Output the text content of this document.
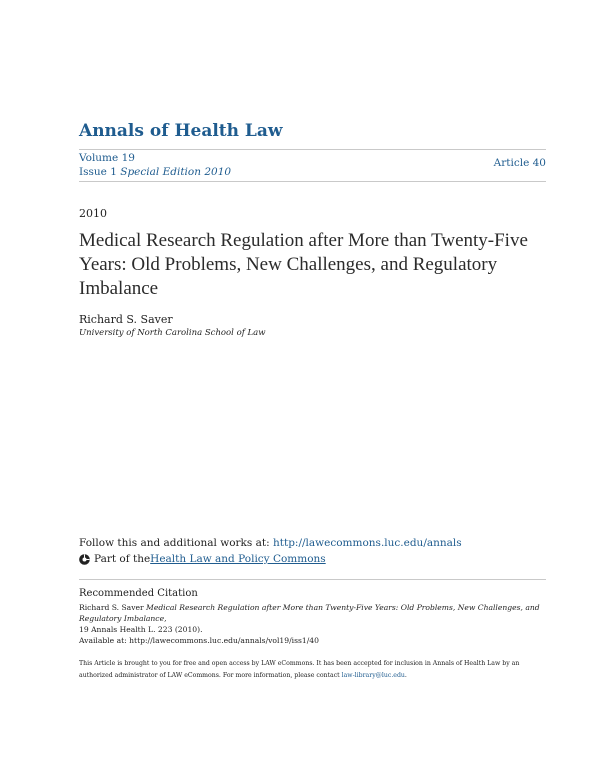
Annals of Health Law
Volume 19
Issue 1 Special Edition 2010
Article 40
2010
Medical Research Regulation after More than Twenty-Five Years: Old Problems, New Challenges, and Regulatory Imbalance
Richard S. Saver
University of North Carolina School of Law
Follow this and additional works at: http://lawecommons.luc.edu/annals
Part of the Health Law and Policy Commons
Recommended Citation
Richard S. Saver Medical Research Regulation after More than Twenty-Five Years: Old Problems, New Challenges, and Regulatory Imbalance,
19 Annals Health L. 223 (2010).
Available at: http://lawecommons.luc.edu/annals/vol19/iss1/40
This Article is brought to you for free and open access by LAW eCommons. It has been accepted for inclusion in Annals of Health Law by an authorized administrator of LAW eCommons. For more information, please contact law-library@luc.edu.
